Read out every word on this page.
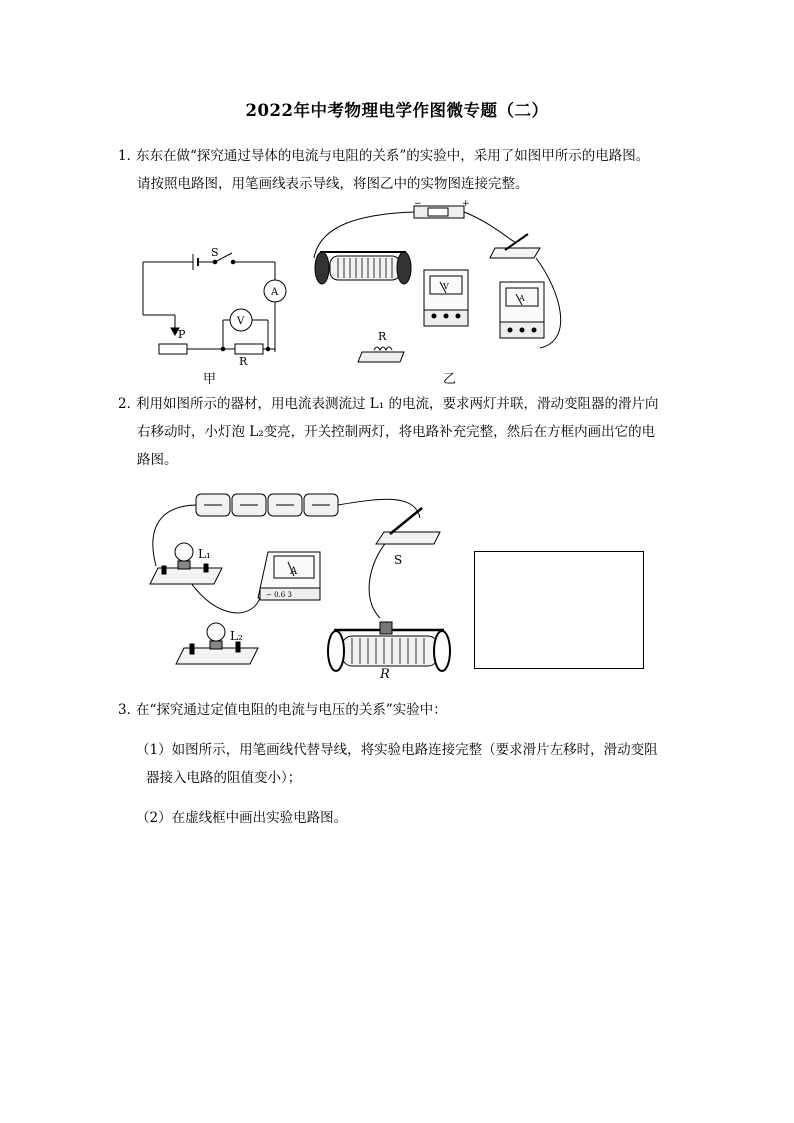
2022年中考物理电学作图微专题（二）
1．东东在做“探究通过导体的电流与电阻的关系”的实验中，采用了如图甲所示的电路图。
请按照电路图，用笔画线表示导线，将图乙中的实物图连接完整。
S
A
V
P
R
甲
−	+
V
A
R
乙
2．利用如图所示的器材，用电流表测流过 L₁ 的电流，要求两灯并联，滑动变阻器的滑片向
右移动时，小灯泡 L₂变亮，开关控制两灯，将电路补充完整，然后在方框内画出它的电
路图。
L₁
L₂
S
R
A
− 0.6 3
3．在“探究通过定值电阻的电流与电压的关系”实验中：
（1）如图所示，用笔画线代替导线，将实验电路连接完整（要求滑片左移时，滑动变阻
器接入电路的阻值变小）；
（2）在虚线框中画出实验电路图。
